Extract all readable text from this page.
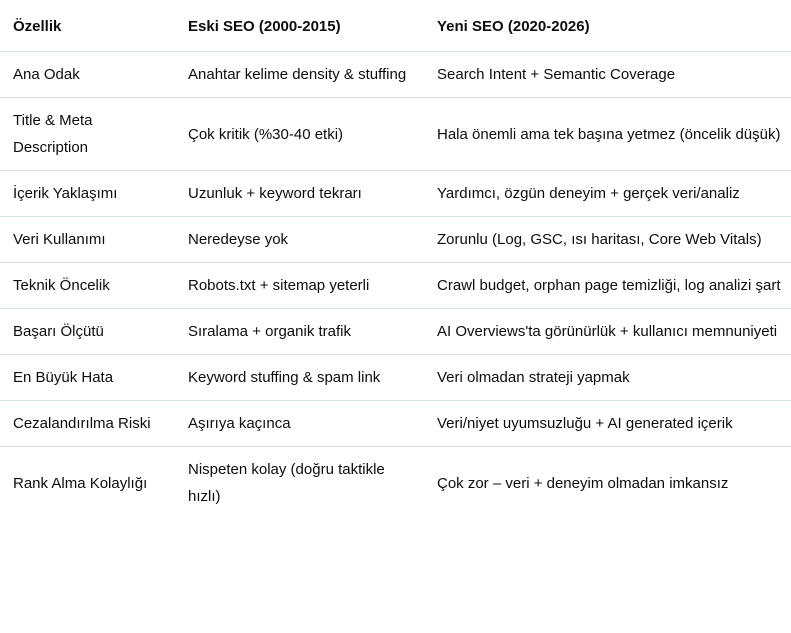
Özellik	Eski SEO (2000-2015)	Yeni SEO (2020-2026)
Ana Odak	Anahtar kelime density & stuffing	Search Intent + Semantic Coverage
Title & Meta Description	Çok kritik (%30-40 etki)	Hala önemli ama tek başına yetmez (öncelik düşük)
İçerik Yaklaşımı	Uzunluk + keyword tekrarı	Yardımcı, özgün deneyim + gerçek veri/analiz
Veri Kullanımı	Neredeyse yok	Zorunlu (Log, GSC, ısı haritası, Core Web Vitals)
Teknik Öncelik	Robots.txt + sitemap yeterli	Crawl budget, orphan page temizliği, log analizi şart
Başarı Ölçütü	Sıralama + organik trafik	AI Overviews'ta görünürlük + kullanıcı memnuniyeti
En Büyük Hata	Keyword stuffing & spam link	Veri olmadan strateji yapmak
Cezalandırılma Riski	Aşırıya kaçınca	Veri/niyet uyumsuzluğu + AI generated içerik
Rank Alma Kolaylığı	Nispeten kolay (doğru taktikle hızlı)	Çok zor – veri + deneyim olmadan imkansız
